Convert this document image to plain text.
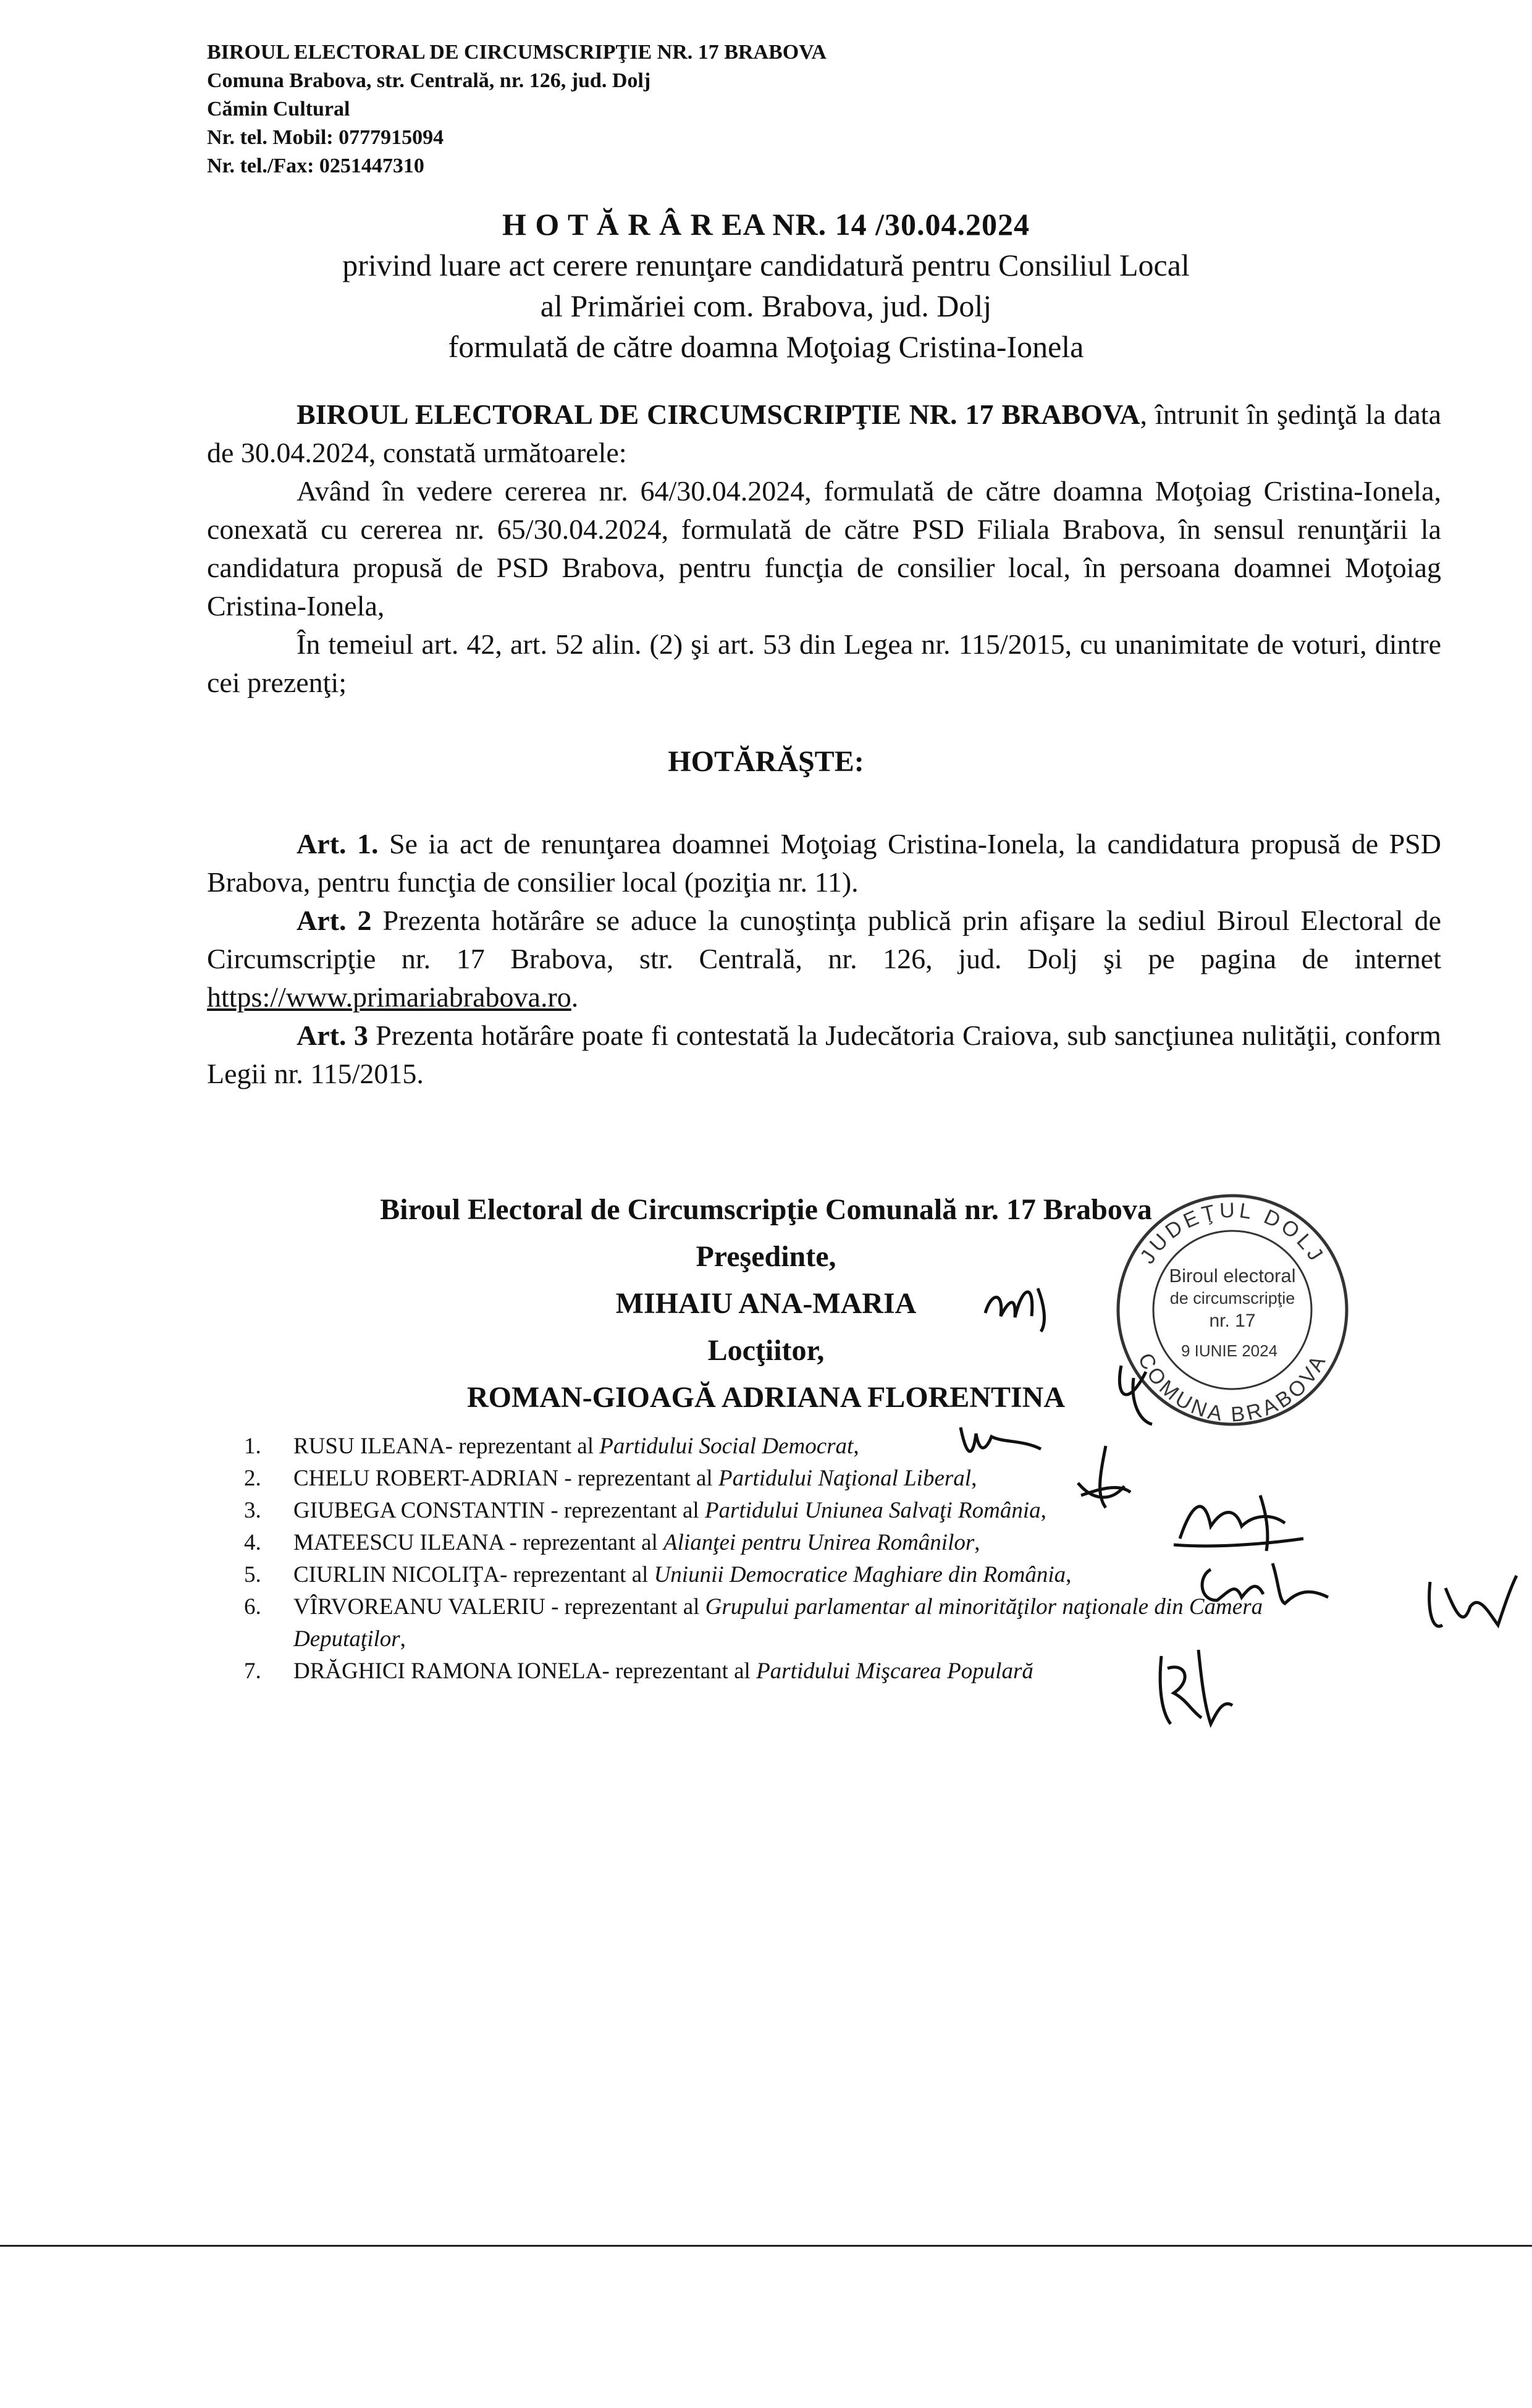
BIROUL ELECTORAL DE CIRCUMSCRIPŢIE NR. 17 BRABOVA
Comuna Brabova, str. Centrală, nr. 126, jud. Dolj
Cămin Cultural
Nr. tel. Mobil: 0777915094
Nr. tel./Fax: 0251447310
H O T Ă R Â R EA NR. 14 /30.04.2024
privind luare act cerere renunţare candidatură pentru Consiliul Local
al Primăriei com. Brabova, jud. Dolj
formulată de către doamna Moţoiag Cristina-Ionela
BIROUL ELECTORAL DE CIRCUMSCRIPŢIE NR. 17 BRABOVA, întrunit în şedinţă la data de 30.04.2024, constată următoarele:
Având în vedere cererea nr. 64/30.04.2024, formulată de către doamna Moţoiag Cristina-Ionela, conexată cu cererea nr. 65/30.04.2024, formulată de către PSD Filiala Brabova, în sensul renunţării la candidatura propusă de PSD Brabova, pentru funcţia de consilier local, în persoana doamnei Moţoiag Cristina-Ionela,
În temeiul art. 42, art. 52 alin. (2) şi art. 53 din Legea nr. 115/2015, cu unanimitate de voturi, dintre cei prezenţi;
HOTĂRĂŞTE:
Art. 1. Se ia act de renunţarea doamnei Moţoiag Cristina-Ionela, la candidatura propusă de PSD Brabova, pentru funcţia de consilier local (poziţia nr. 11).
Art. 2 Prezenta hotărâre se aduce la cunoştinţa publică prin afişare la sediul Biroul Electoral de Circumscripţie nr. 17 Brabova, str. Centrală, nr. 126, jud. Dolj şi pe pagina de internet https://www.primariabrabova.ro.
Art. 3 Prezenta hotărâre poate fi contestată la Judecătoria Craiova, sub sancţiunea nulităţii, conform Legii nr. 115/2015.
Biroul Electoral de Circumscripţie Comunală nr. 17 Brabova
Preşedinte,
MIHAIU ANA-MARIA
Locţiitor,
ROMAN-GIOAGĂ ADRIANA FLORENTINA
JUDEŢUL DOLJ
COMUNA BRABOVA
Biroul electoral
de circumscripţie
nr. 17
9 IUNIE 2024
1.	RUSU ILEANA- reprezentant al Partidului Social Democrat,
2.	CHELU ROBERT-ADRIAN - reprezentant al Partidului Naţional Liberal,
3.	GIUBEGA CONSTANTIN - reprezentant al Partidului Uniunea Salvaţi România,
4.	MATEESCU ILEANA - reprezentant al Alianţei pentru Unirea Românilor,
5.	CIURLIN NICOLIŢA- reprezentant al Uniunii Democratice Maghiare din România,
6.	VÎRVOREANU VALERIU - reprezentant al Grupului parlamentar al minorităţilor naţionale din Camera Deputaţilor,
7.	DRĂGHICI RAMONA IONELA- reprezentant al Partidului Mişcarea Populară
